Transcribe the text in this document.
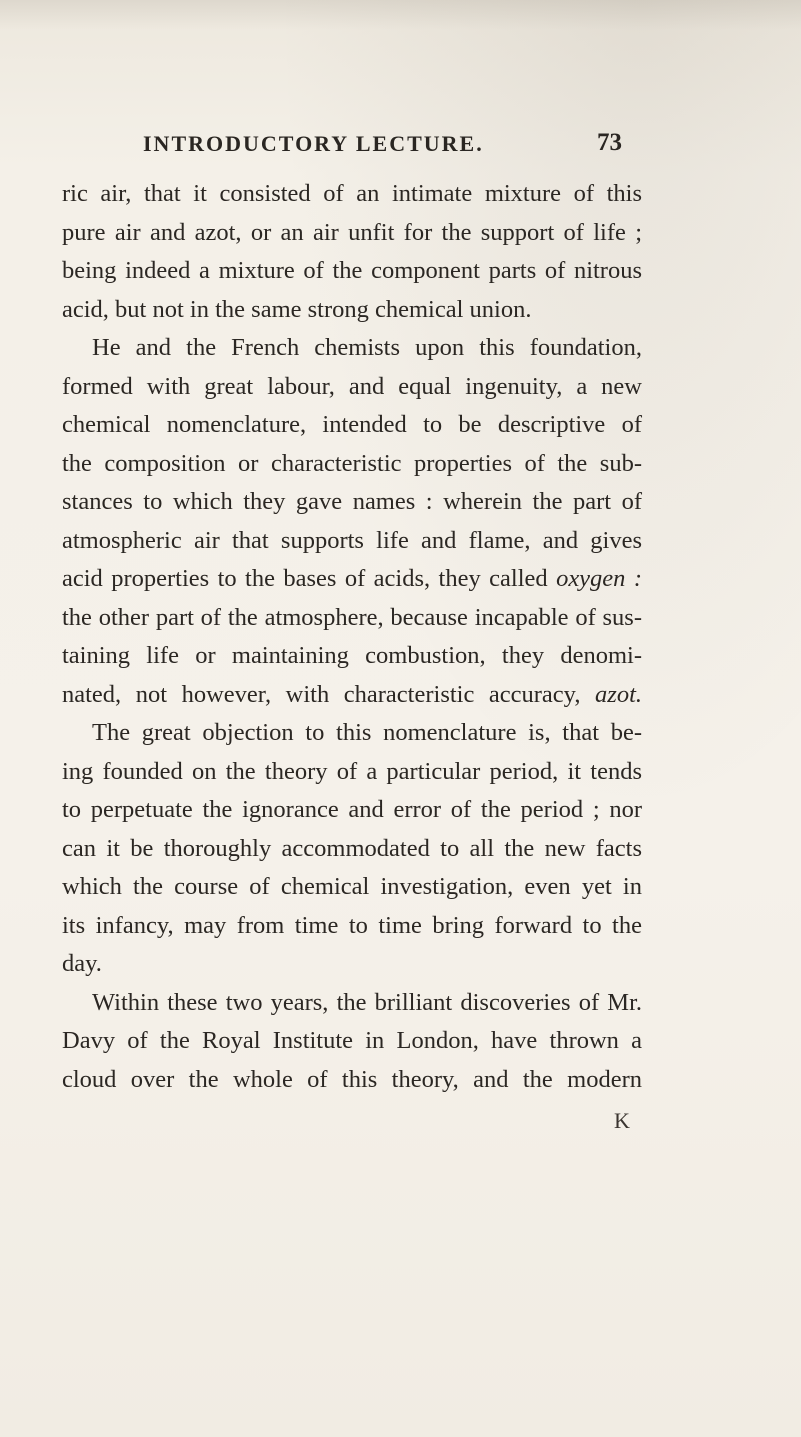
INTRODUCTORY LECTURE.	73
ric air, that it consisted of an intimate mixture of this
pure air and azot, or an air unfit for the support of life ;
being indeed a mixture of the component parts of nitrous
acid, but not in the same strong chemical union.
He and the French chemists upon this foundation,
formed with great labour, and equal ingenuity, a new
chemical nomenclature, intended to be descriptive of
the composition or characteristic properties of the sub-
stances to which they gave names : wherein the part of
atmospheric air that supports life and flame, and gives
acid properties to the bases of acids, they called oxygen :
the other part of the atmosphere, because incapable of sus-
taining life or maintaining combustion, they denomi-
nated, not however, with characteristic accuracy, azot.
The great objection to this nomenclature is, that be-
ing founded on the theory of a particular period, it tends
to perpetuate the ignorance and error of the period ; nor
can it be thoroughly accommodated to all the new facts
which the course of chemical investigation, even yet in
its infancy, may from time to time bring forward to the
day.
Within these two years, the brilliant discoveries of Mr.
Davy of the Royal Institute in London, have thrown a
cloud over the whole of this theory, and the modern
K
